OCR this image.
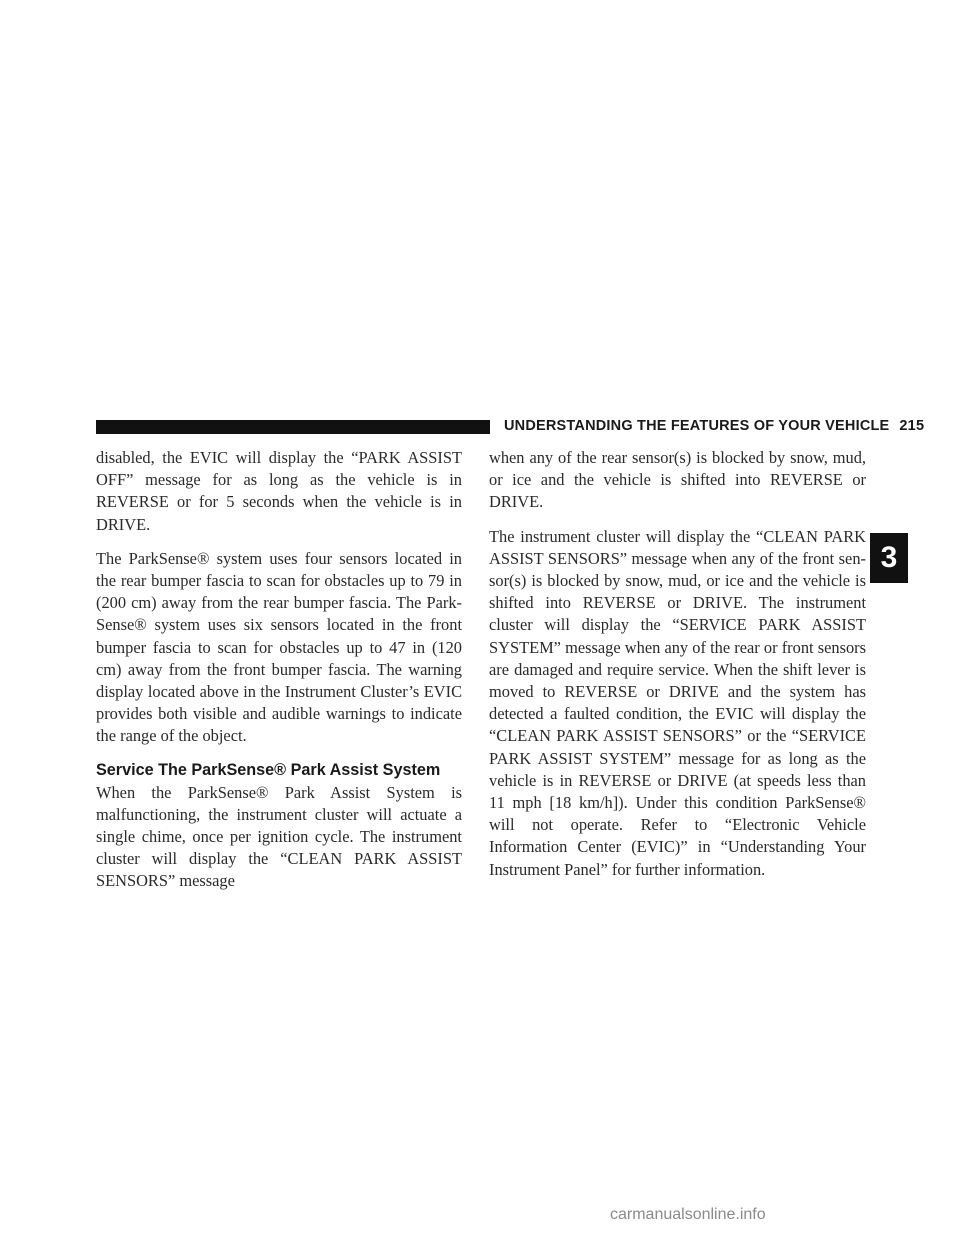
UNDERSTANDING THE FEATURES OF YOUR VEHICLE 215
3

disabled, the EVIC will display the “PARK ASSIST OFF” message for as long as the vehicle is in REVERSE or for 5 seconds when the vehicle is in DRIVE.

The ParkSense® system uses four sensors located in the rear bumper fascia to scan for obstacles up to 79 in (200 cm) away from the rear bumper fascia. The ParkSense® system uses six sensors located in the front bumper fascia to scan for obstacles up to 47 in (120 cm) away from the front bumper fascia. The warning display located above in the Instrument Cluster’s EVIC provides both visible and audible warnings to indicate the range of the object.

Service The ParkSense® Park Assist System

When the ParkSense® Park Assist System is malfunctioning, the instrument cluster will actuate a single chime, once per ignition cycle. The instrument cluster will display the “CLEAN PARK ASSIST SENSORS” message

when any of the rear sensor(s) is blocked by snow, mud, or ice and the vehicle is shifted into REVERSE or DRIVE.

The instrument cluster will display the “CLEAN PARK ASSIST SENSORS” message when any of the front sensor(s) is blocked by snow, mud, or ice and the vehicle is shifted into REVERSE or DRIVE. The instrument cluster will display the “SERVICE PARK ASSIST SYSTEM” message when any of the rear or front sensors are damaged and require service. When the shift lever is moved to REVERSE or DRIVE and the system has detected a faulted condition, the EVIC will display the “CLEAN PARK ASSIST SENSORS” or the “SERVICE PARK ASSIST SYSTEM” message for as long as the vehicle is in REVERSE or DRIVE (at speeds less than 11 mph [18 km/h]). Under this condition ParkSense® will not operate. Refer to “Electronic Vehicle Information Center (EVIC)” in “Understanding Your Instrument Panel” for further information.

carmanualsonline.info
